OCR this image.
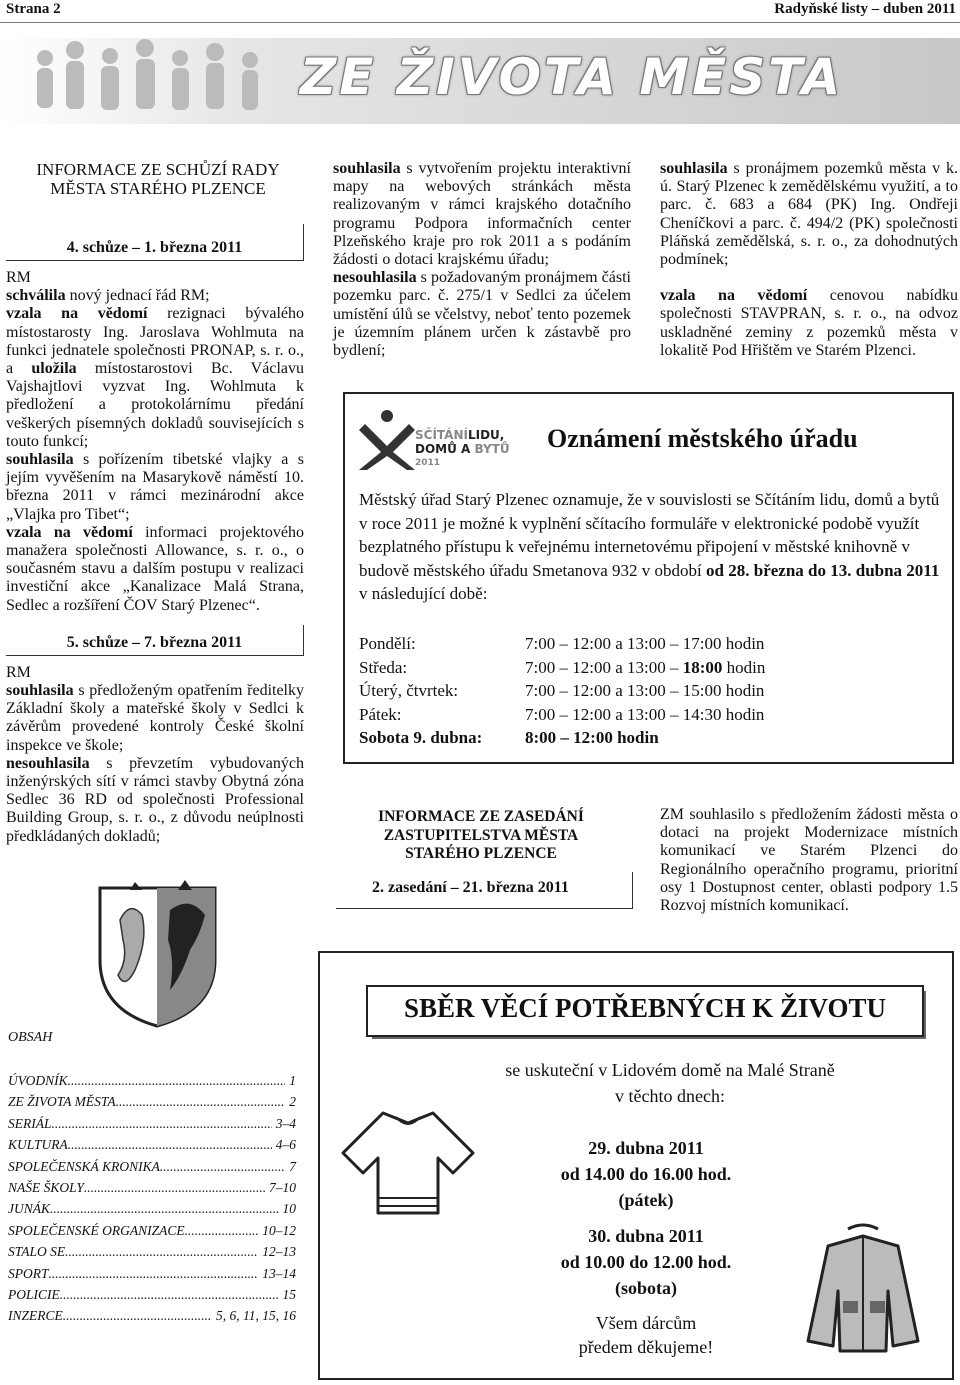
Strana 2	Radyňské listy – duben 2011
ZE ŽIVOTA MĚSTA
INFORMACE ZE SCHŮZÍ RADY
MĚSTA STARÉHO PLZENCE
4. schůze – 1. března 2011

RM

schválila nový jednací řád RM;

vzala na vědomí rezignaci bývalého místostarosty Ing. Jaroslava Wohlmuta na funkci jednatele společnosti PRONAP, s. r. o., a uložila místostarostovi Bc. Václavu Vajshajtlovi vyzvat Ing. Wohlmuta k předložení a protokolárnímu předání veškerých písemných dokladů souvisejících s touto funkcí;

souhlasila s pořízením tibetské vlajky a s jejím vyvěšením na Masarykově náměstí 10. března 2011 v rámci mezinárodní akce „Vlajka pro Tibet“;

vzala na vědomí informaci projektového manažera společnosti Allowance, s. r. o., o současném stavu a dalším postupu v realizaci investiční akce „Kanalizace Malá Strana, Sedlec a rozšíření ČOV Starý Plzenec“.

5. schůze – 7. března 2011

RM

souhlasila s předloženým opatřením ředitelky Základní školy a mateřské školy v Sedlci k závěrům provedené kontroly České školní inspekce ve škole;

nesouhlasila s převzetím vybudovaných inženýrských sítí v rámci stavby Obytná zóna Sedlec 36 RD od společnosti Professional Building Group, s. r. o., z důvodu neúplnosti předkládaných dokladů;

OBSAH
ÚVODNÍK .....	1
ZE ŽIVOTA MĚSTA .....	2
SERIÁL .....	3–4
KULTURA .....	4–6
SPOLEČENSKÁ KRONIKA .....	7
NAŠE ŠKOLY .....	7–10
JUNÁK .....	10
SPOLEČENSKÉ ORGANIZACE .....	10–12
STALO SE .....	12–13
SPORT .....	13–14
POLICIE .....	15
INZERCE .....	5, 6, 11, 15, 16

souhlasila s vytvořením projektu interaktivní mapy na webových stránkách města realizovaným v rámci krajského dotačního programu Podpora informačních center Plzeňského kraje pro rok 2011 a s podáním žádosti o dotaci krajskému úřadu;

nesouhlasila s požadovaným pronájmem části pozemku parc. č. 275/1 v Sedlci za účelem umístění úlů se včelstvy, neboť tento pozemek je územním plánem určen k zástavbě pro bydlení;

souhlasila s pronájmem pozemků města v k. ú. Starý Plzenec k zemědělskému využití, a to parc. č. 683 a 684 (PK) Ing. Ondřeji Cheníčkovi a parc. č. 494/2 (PK) společnosti Pláňská zemědělská, s. r. o., za dohodnutých podmínek;

vzala na vědomí cenovou nabídku společnosti STAVPRAN, s. r. o., na odvoz uskladněné zeminy z pozemků města v lokalitě Pod Hřištěm ve Starém Plzenci.

SČÍTÁNÍLIDU,
DOMŮ A BYTŮ
2011
Oznámení městského úřadu
Městský úřad Starý Plzenec oznamuje, že v souvislosti se Sčítáním lidu, domů a bytů v roce 2011 je možné k vyplnění sčítacího formuláře v elektronické podobě využít bezplatného přístupu k veřejnému internetovému připojení v městské knihovně v budově městského úřadu Smetanova 932 v období od 28. března do 13. dubna 2011 v následující době:
Pondělí:	7:00 – 12:00 a 13:00 – 17:00 hodin
Středa:	7:00 – 12:00 a 13:00 – 18:00 hodin
Úterý, čtvrtek:	7:00 – 12:00 a 13:00 – 15:00 hodin
Pátek:	7:00 – 12:00 a 13:00 – 14:30 hodin
Sobota 9. dubna:	8:00 – 12:00 hodin
INFORMACE ZE ZASEDÁNÍ
ZASTUPITELSTVA MĚSTA
STARÉHO PLZENCE
2. zasedání – 21. března 2011
ZM souhlasilo s předložením žádosti města o dotaci na projekt Modernizace místních komunikací ve Starém Plzenci do Regionálního operačního programu, prioritní osy 1 Dostupnost center, oblasti podpory 1.5 Rozvoj místních komunikací.
SBĚR VĚCÍ POTŘEBNÝCH K ŽIVOTU
se uskuteční v Lidovém domě na Malé Straně
v těchto dnech:
29. dubna 2011
od 14.00 do 16.00 hod.
(pátek)
30. dubna 2011
od 10.00 do 12.00 hod.
(sobota)
Všem dárcům
předem děkujeme!
